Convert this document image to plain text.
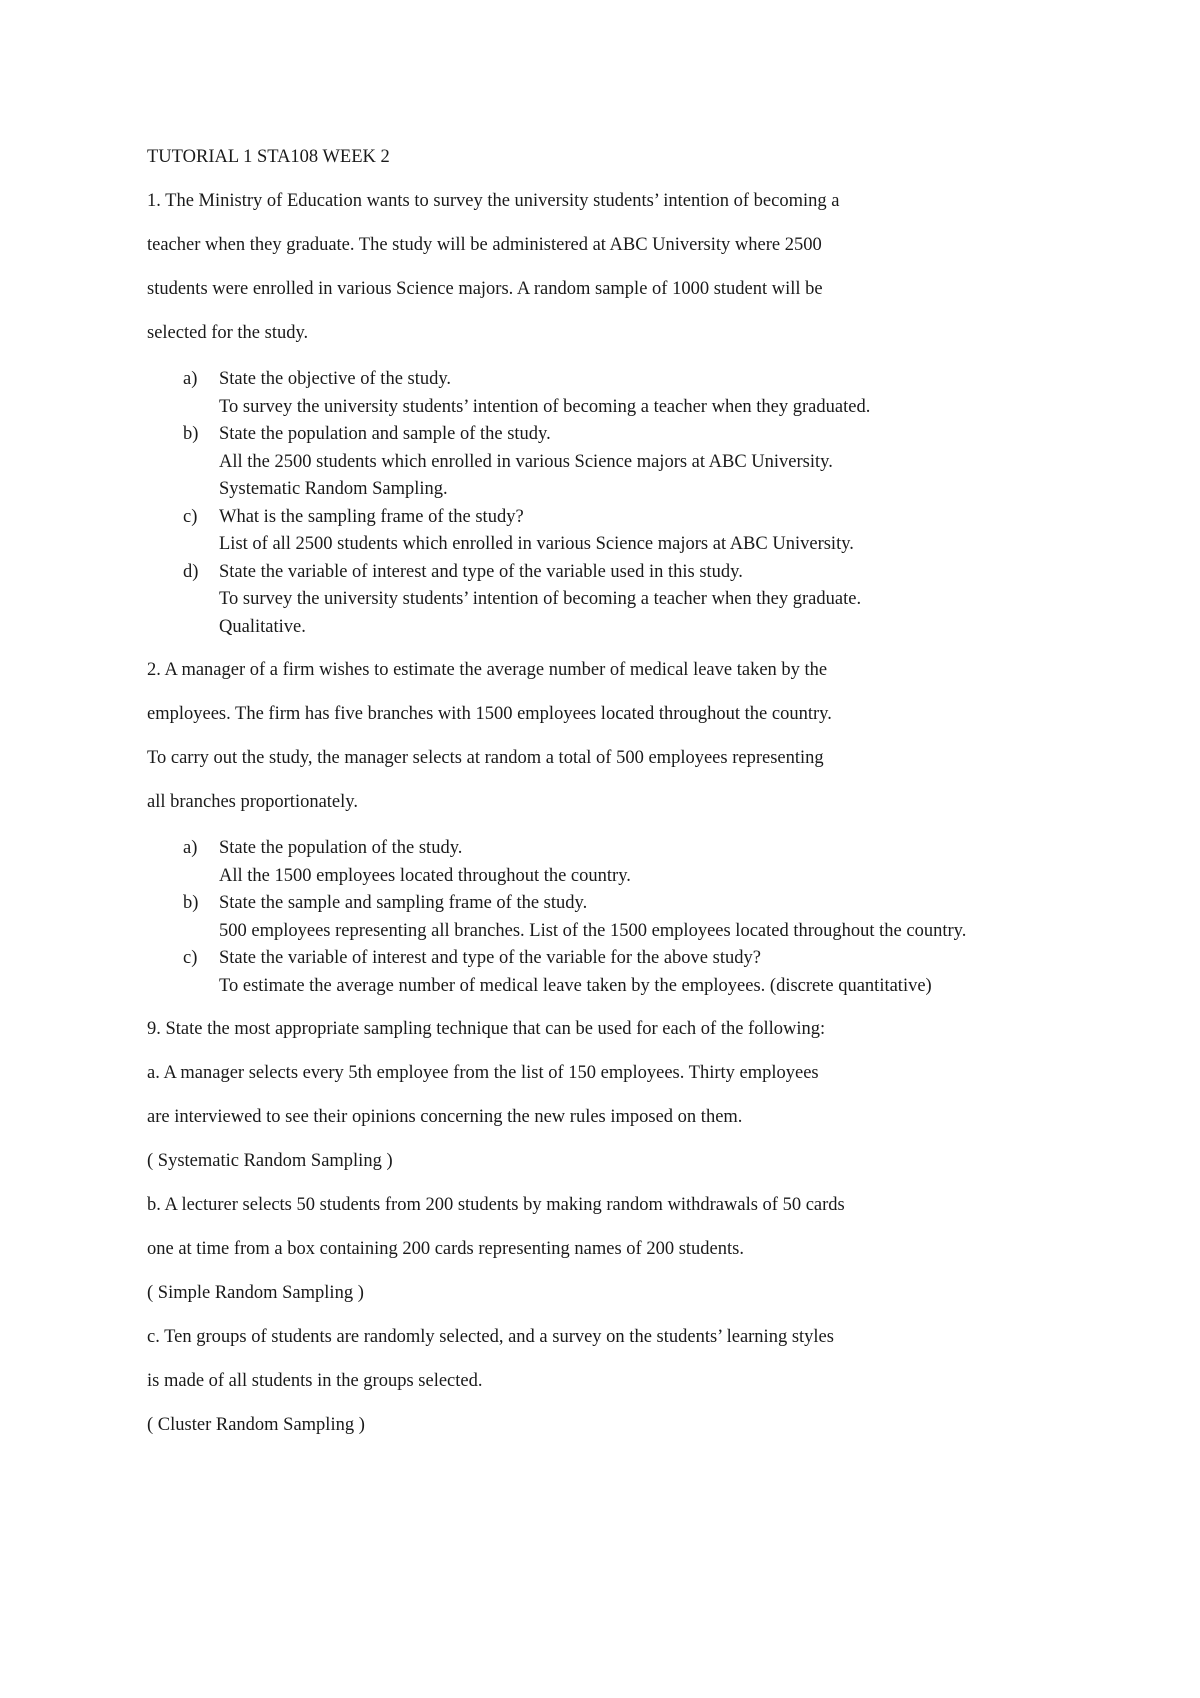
TUTORIAL 1 STA108 WEEK 2
1. The Ministry of Education wants to survey the university students’ intention of becoming a
teacher when they graduate. The study will be administered at ABC University where 2500
students were enrolled in various Science majors. A random sample of 1000 student will be
selected for the study.
a) State the objective of the study.
To survey the university students’ intention of becoming a teacher when they graduated.
b) State the population and sample of the study.
All the 2500 students which enrolled in various Science majors at ABC University.
Systematic Random Sampling.
c) What is the sampling frame of the study?
List of all 2500 students which enrolled in various Science majors at ABC University.
d) State the variable of interest and type of the variable used in this study.
To survey the university students’ intention of becoming a teacher when they graduate.
Qualitative.
2. A manager of a firm wishes to estimate the average number of medical leave taken by the
employees. The firm has five branches with 1500 employees located throughout the country.
To carry out the study, the manager selects at random a total of 500 employees representing
all branches proportionately.
a) State the population of the study.
All the 1500 employees located throughout the country.
b) State the sample and sampling frame of the study.
500 employees representing all branches. List of the 1500 employees located throughout the country.
c) State the variable of interest and type of the variable for the above study?
To estimate the average number of medical leave taken by the employees. (discrete quantitative)
9. State the most appropriate sampling technique that can be used for each of the following:
a. A manager selects every 5th employee from the list of 150 employees. Thirty employees
are interviewed to see their opinions concerning the new rules imposed on them.
( Systematic Random Sampling )
b. A lecturer selects 50 students from 200 students by making random withdrawals of 50 cards
one at time from a box containing 200 cards representing names of 200 students.
( Simple Random Sampling )
c. Ten groups of students are randomly selected, and a survey on the students’ learning styles
is made of all students in the groups selected.
( Cluster Random Sampling )
